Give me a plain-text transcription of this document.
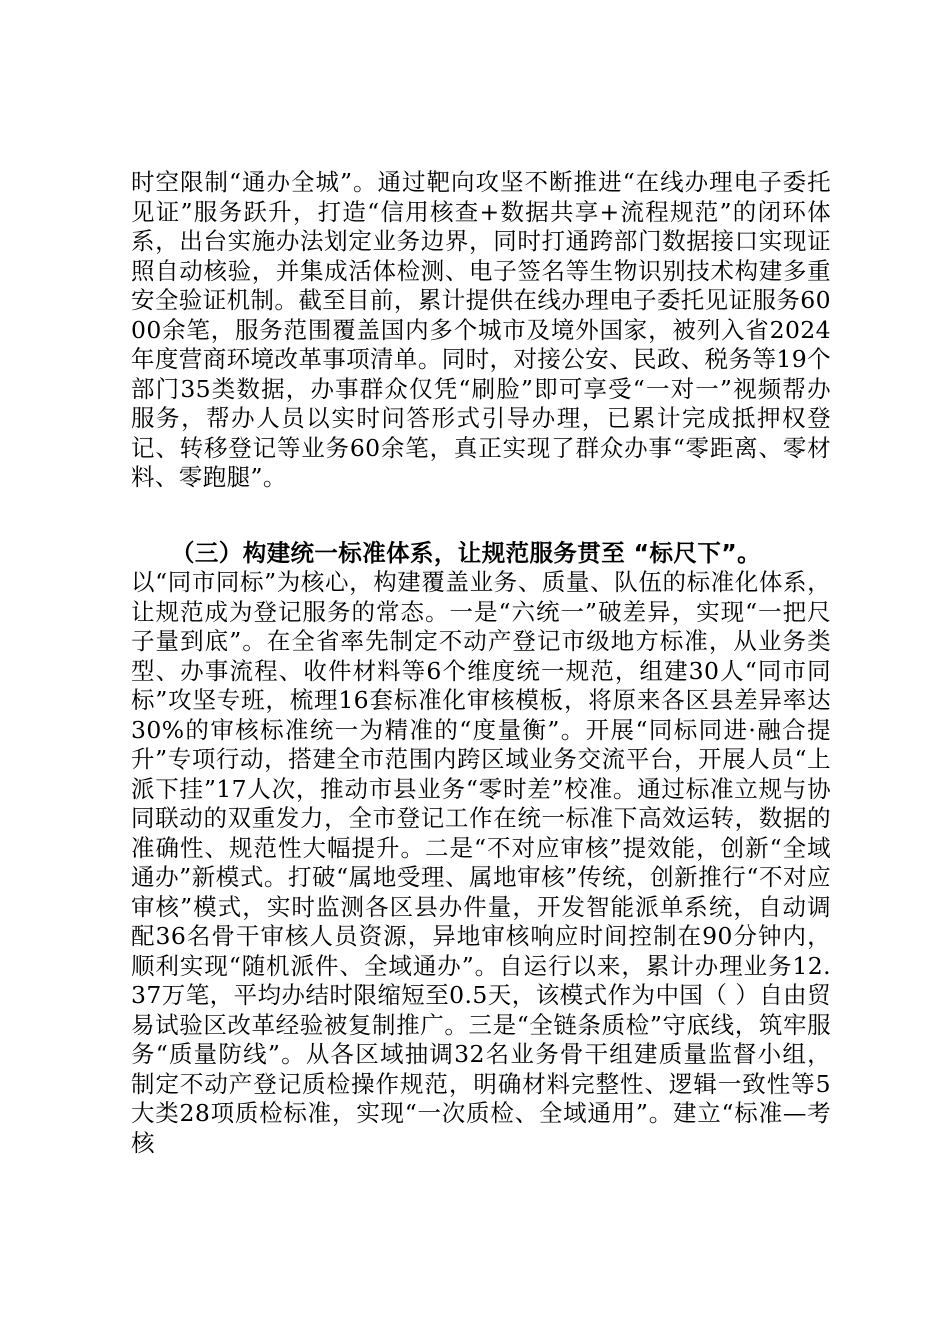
时空限制“通办全城”。通过靶向攻坚不断推进“在线办理电子委托见证”服务跃升，打造“信用核查+数据共享+流程规范”的闭环体系，出台实施办法划定业务边界，同时打通跨部门数据接口实现证照自动核验，并集成活体检测、电子签名等生物识别技术构建多重安全验证机制。截至目前，累计提供在线办理电子委托见证服务6000余笔，服务范围覆盖国内多个城市及境外国家，被列入省2024年度营商环境改革事项清单。同时，对接公安、民政、税务等19个部门35类数据，办事群众仅凭“刷脸”即可享受“一对一”视频帮办服务，帮办人员以实时问答形式引导办理，已累计完成抵押权登记、转移登记等业务60余笔，真正实现了群众办事“零距离、零材料、零跑腿”。

（三）构建统一标准体系，让规范服务贯至 “标尺下”。

以“同市同标”为核心，构建覆盖业务、质量、队伍的标准化体系，让规范成为登记服务的常态。一是“六统一”破差异，实现“一把尺子量到底”。在全省率先制定不动产登记市级地方标准，从业务类型、办事流程、收件材料等6个维度统一规范，组建30人“同市同标”攻坚专班，梳理16套标准化审核模板，将原来各区县差异率达30%的审核标准统一为精准的“度量衡”。开展“同标同进·融合提升”专项行动，搭建全市范围内跨区域业务交流平台，开展人员“上派下挂”17人次，推动市县业务“零时差”校准。通过标准立规与协同联动的双重发力，全市登记工作在统一标准下高效运转，数据的准确性、规范性大幅提升。二是“不对应审核”提效能，创新“全域通办”新模式。打破“属地受理、属地审核”传统，创新推行“不对应审核”模式，实时监测各区县办件量，开发智能派单系统，自动调配36名骨干审核人员资源，异地审核响应时间控制在90分钟内，顺利实现“随机派件、全域通办”。自运行以来，累计办理业务12.37万笔，平均办结时限缩短至0.5天，该模式作为中国（ ）自由贸易试验区改革经验被复制推广。三是“全链条质检”守底线，筑牢服务“质量防线”。从各区域抽调32名业务骨干组建质量监督小组，制定不动产登记质检操作规范，明确材料完整性、逻辑一致性等5大类28项质检标准，实现“一次质检、全域通用”。建立“标准—考核
